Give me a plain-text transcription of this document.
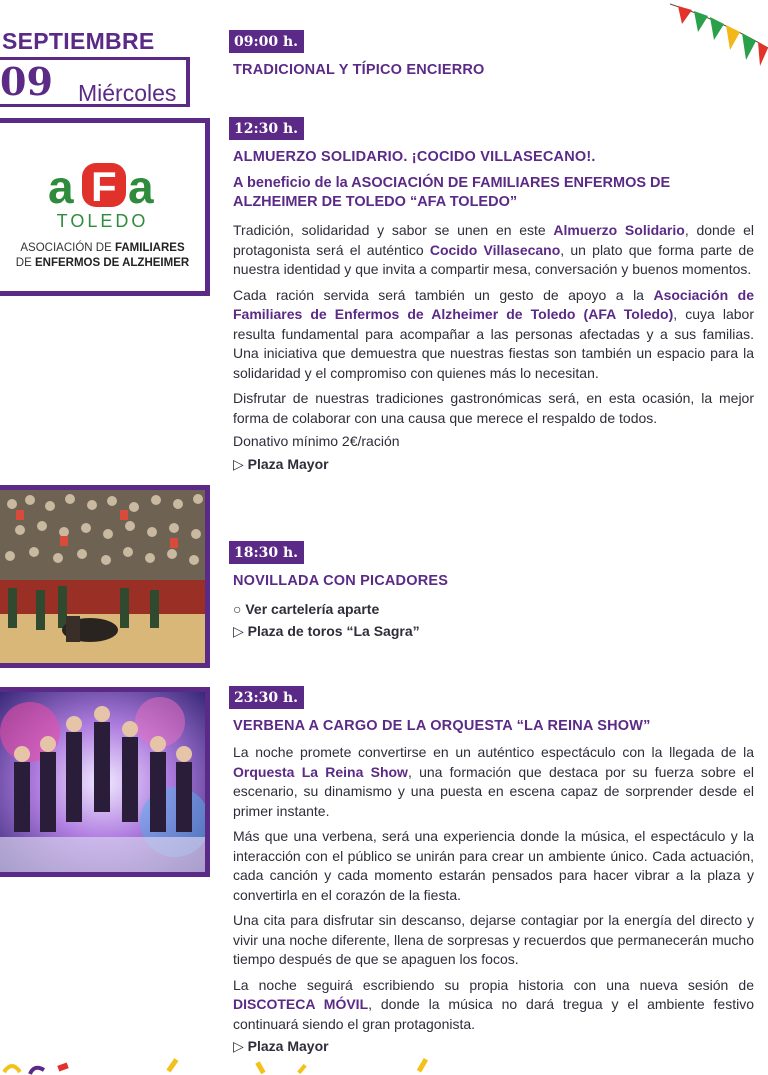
SEPTIEMBRE
09 Miércoles
a F a
TOLEDO
ASOCIACIÓN DE FAMILIARES
DE ENFERMOS DE ALZHEIMER
09:00 h.
TRADICIONAL Y TÍPICO ENCIERRO
12:30 h.
ALMUERZO SOLIDARIO. ¡COCIDO VILLASECANO!.
A beneficio de la ASOCIACIÓN DE FAMILIARES ENFERMOS DE ALZHEIMER DE TOLEDO “AFA TOLEDO”
Tradición, solidaridad y sabor se unen en este Almuerzo Solidario, donde el protagonista será el auténtico Cocido Villasecano, un plato que forma parte de nuestra identidad y que invita a compartir mesa, conversación y buenos momentos.
Cada ración servida será también un gesto de apoyo a la Asociación de Familiares de Enfermos de Alzheimer de Toledo (AFA Toledo), cuya labor resulta fundamental para acompañar a las personas afectadas y a sus familias. Una iniciativa que demuestra que nuestras fiestas son también un espacio para la solidaridad y el compromiso con quienes más lo necesitan.
Disfrutar de nuestras tradiciones gastronómicas será, en esta ocasión, la mejor forma de colaborar con una causa que merece el respaldo de todos.
Donativo mínimo 2€/ración
▷ Plaza Mayor
18:30 h.
NOVILLADA CON PICADORES
○ Ver cartelería aparte
▷ Plaza de toros “La Sagra”
23:30 h.
VERBENA A CARGO DE LA ORQUESTA “LA REINA SHOW”
La noche promete convertirse en un auténtico espectáculo con la llegada de la Orquesta La Reina Show, una formación que destaca por su fuerza sobre el escenario, su dinamismo y una puesta en escena capaz de sorprender desde el primer instante.
Más que una verbena, será una experiencia donde la música, el espectáculo y la interacción con el público se unirán para crear un ambiente único. Cada actuación, cada canción y cada momento estarán pensados para hacer vibrar a la plaza y convertirla en el corazón de la fiesta.
Una cita para disfrutar sin descanso, dejarse contagiar por la energía del directo y vivir una noche diferente, llena de sorpresas y recuerdos que permanecerán mucho tiempo después de que se apaguen los focos.
La noche seguirá escribiendo su propia historia con una nueva sesión de DISCOTECA MÓVIL, donde la música no dará tregua y el ambiente festivo continuará siendo el gran protagonista.
▷ Plaza Mayor
